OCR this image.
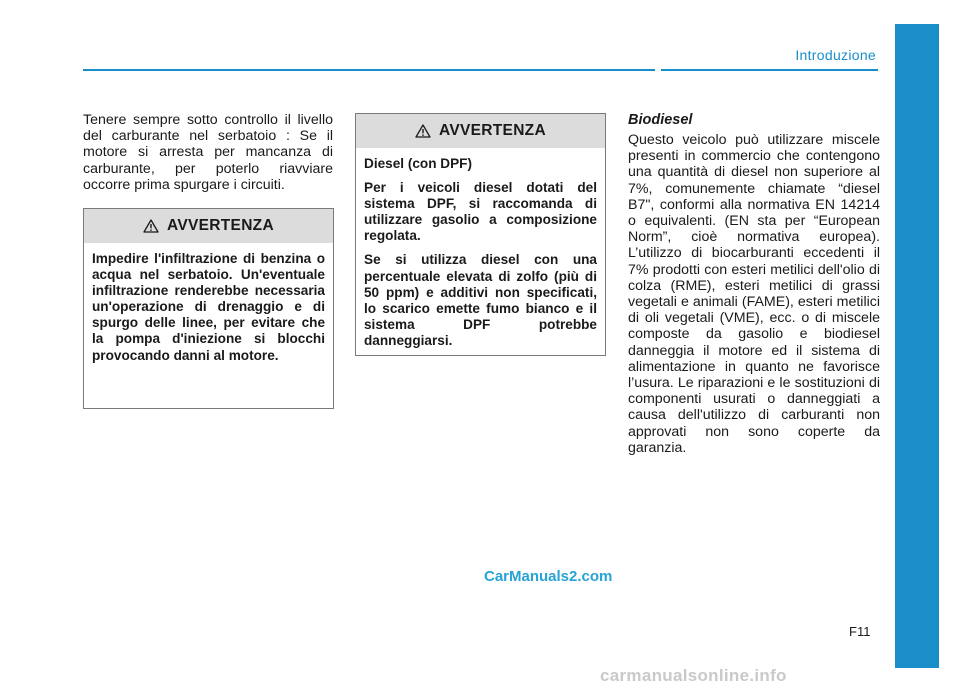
Introduzione
Tenere sempre sotto controllo il livello del carburante nel serbatoio : Se il motore si arresta per mancanza di carburante, per poterlo riavviare occorre prima spurgare i circuiti.
AVVERTENZA

Impedire l'infiltrazione di benzina o acqua nel serbatoio. Un'eventuale infiltrazione renderebbe necessaria un'operazione di drenaggio e di spurgo delle linee, per evitare che la pompa d'iniezione si blocchi provocando danni al motore.

AVVERTENZA

Diesel (con DPF)

Per i veicoli diesel dotati del sistema DPF, si raccomanda di utilizzare gasolio a composizione regolata.

Se si utilizza diesel con una percentuale elevata di zolfo (più di 50 ppm) e additivi non specificati, lo scarico emette fumo bianco e il sistema DPF potrebbe danneggiarsi.

Biodiesel
Questo veicolo può utilizzare miscele presenti in commercio che contengono una quantità di diesel non superiore al 7%, comunemente chiamate “diesel B7", conformi alla normativa EN 14214 o equivalenti. (EN sta per “European Norm”, cioè normativa europea). L’utilizzo di biocarburanti eccedenti il 7% prodotti con esteri metilici dell'olio di colza (RME), esteri metilici di grassi vegetali e animali (FAME), esteri metilici di oli vegetali (VME), ecc. o di miscele composte da gasolio e biodiesel danneggia il motore ed il sistema di alimentazione in quanto ne favorisce l’usura. Le riparazioni e le sostituzioni di componenti usurati o danneggiati a causa dell'utilizzo di carburanti non approvati non sono coperte da garanzia.
CarManuals2.com
F11
carmanualsonline.info
